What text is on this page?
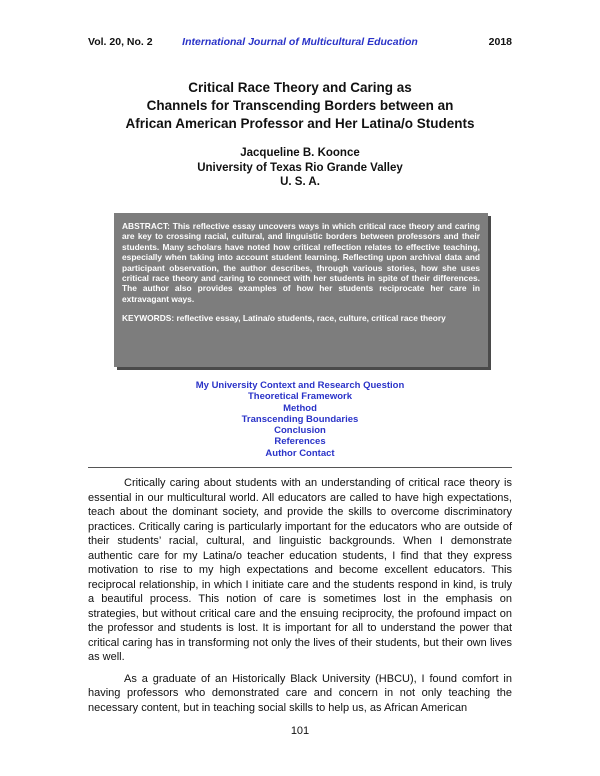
Vol. 20, No. 2	International Journal of Multicultural Education	2018
Critical Race Theory and Caring as
Channels for Transcending Borders between an
African American Professor and Her Latina/o Students
Jacqueline B. Koonce
University of Texas Rio Grande Valley
U. S. A.

ABSTRACT: This reflective essay uncovers ways in which critical race theory and caring are key to crossing racial, cultural, and linguistic borders between professors and their students. Many scholars have noted how critical reflection relates to effective teaching, especially when taking into account student learning. Reflecting upon archival data and participant observation, the author describes, through various stories, how she uses critical race theory and caring to connect with her students in spite of their differences. The author also provides examples of how her students reciprocate her care in extravagant ways.

KEYWORDS: reflective essay, Latina/o students, race, culture, critical race theory

My University Context and Research Question
Theoretical Framework
Method
Transcending Boundaries
Conclusion
References
Author Contact

Critically caring about students with an understanding of critical race theory is essential in our multicultural world. All educators are called to have high expectations, teach about the dominant society, and provide the skills to overcome discriminatory practices. Critically caring is particularly important for the educators who are outside of their students’ racial, cultural, and linguistic backgrounds. When I demonstrate authentic care for my Latina/o teacher education students, I find that they express motivation to rise to my high expectations and become excellent educators. This reciprocal relationship, in which I initiate care and the students respond in kind, is truly a beautiful process. This notion of care is sometimes lost in the emphasis on strategies, but without critical care and the ensuing reciprocity, the profound impact on the professor and students is lost. It is important for all to understand the power that critical caring has in transforming not only the lives of their students, but their own lives as well.

As a graduate of an Historically Black University (HBCU), I found comfort in having professors who demonstrated care and concern in not only teaching the necessary content, but in teaching social skills to help us, as African American

101
